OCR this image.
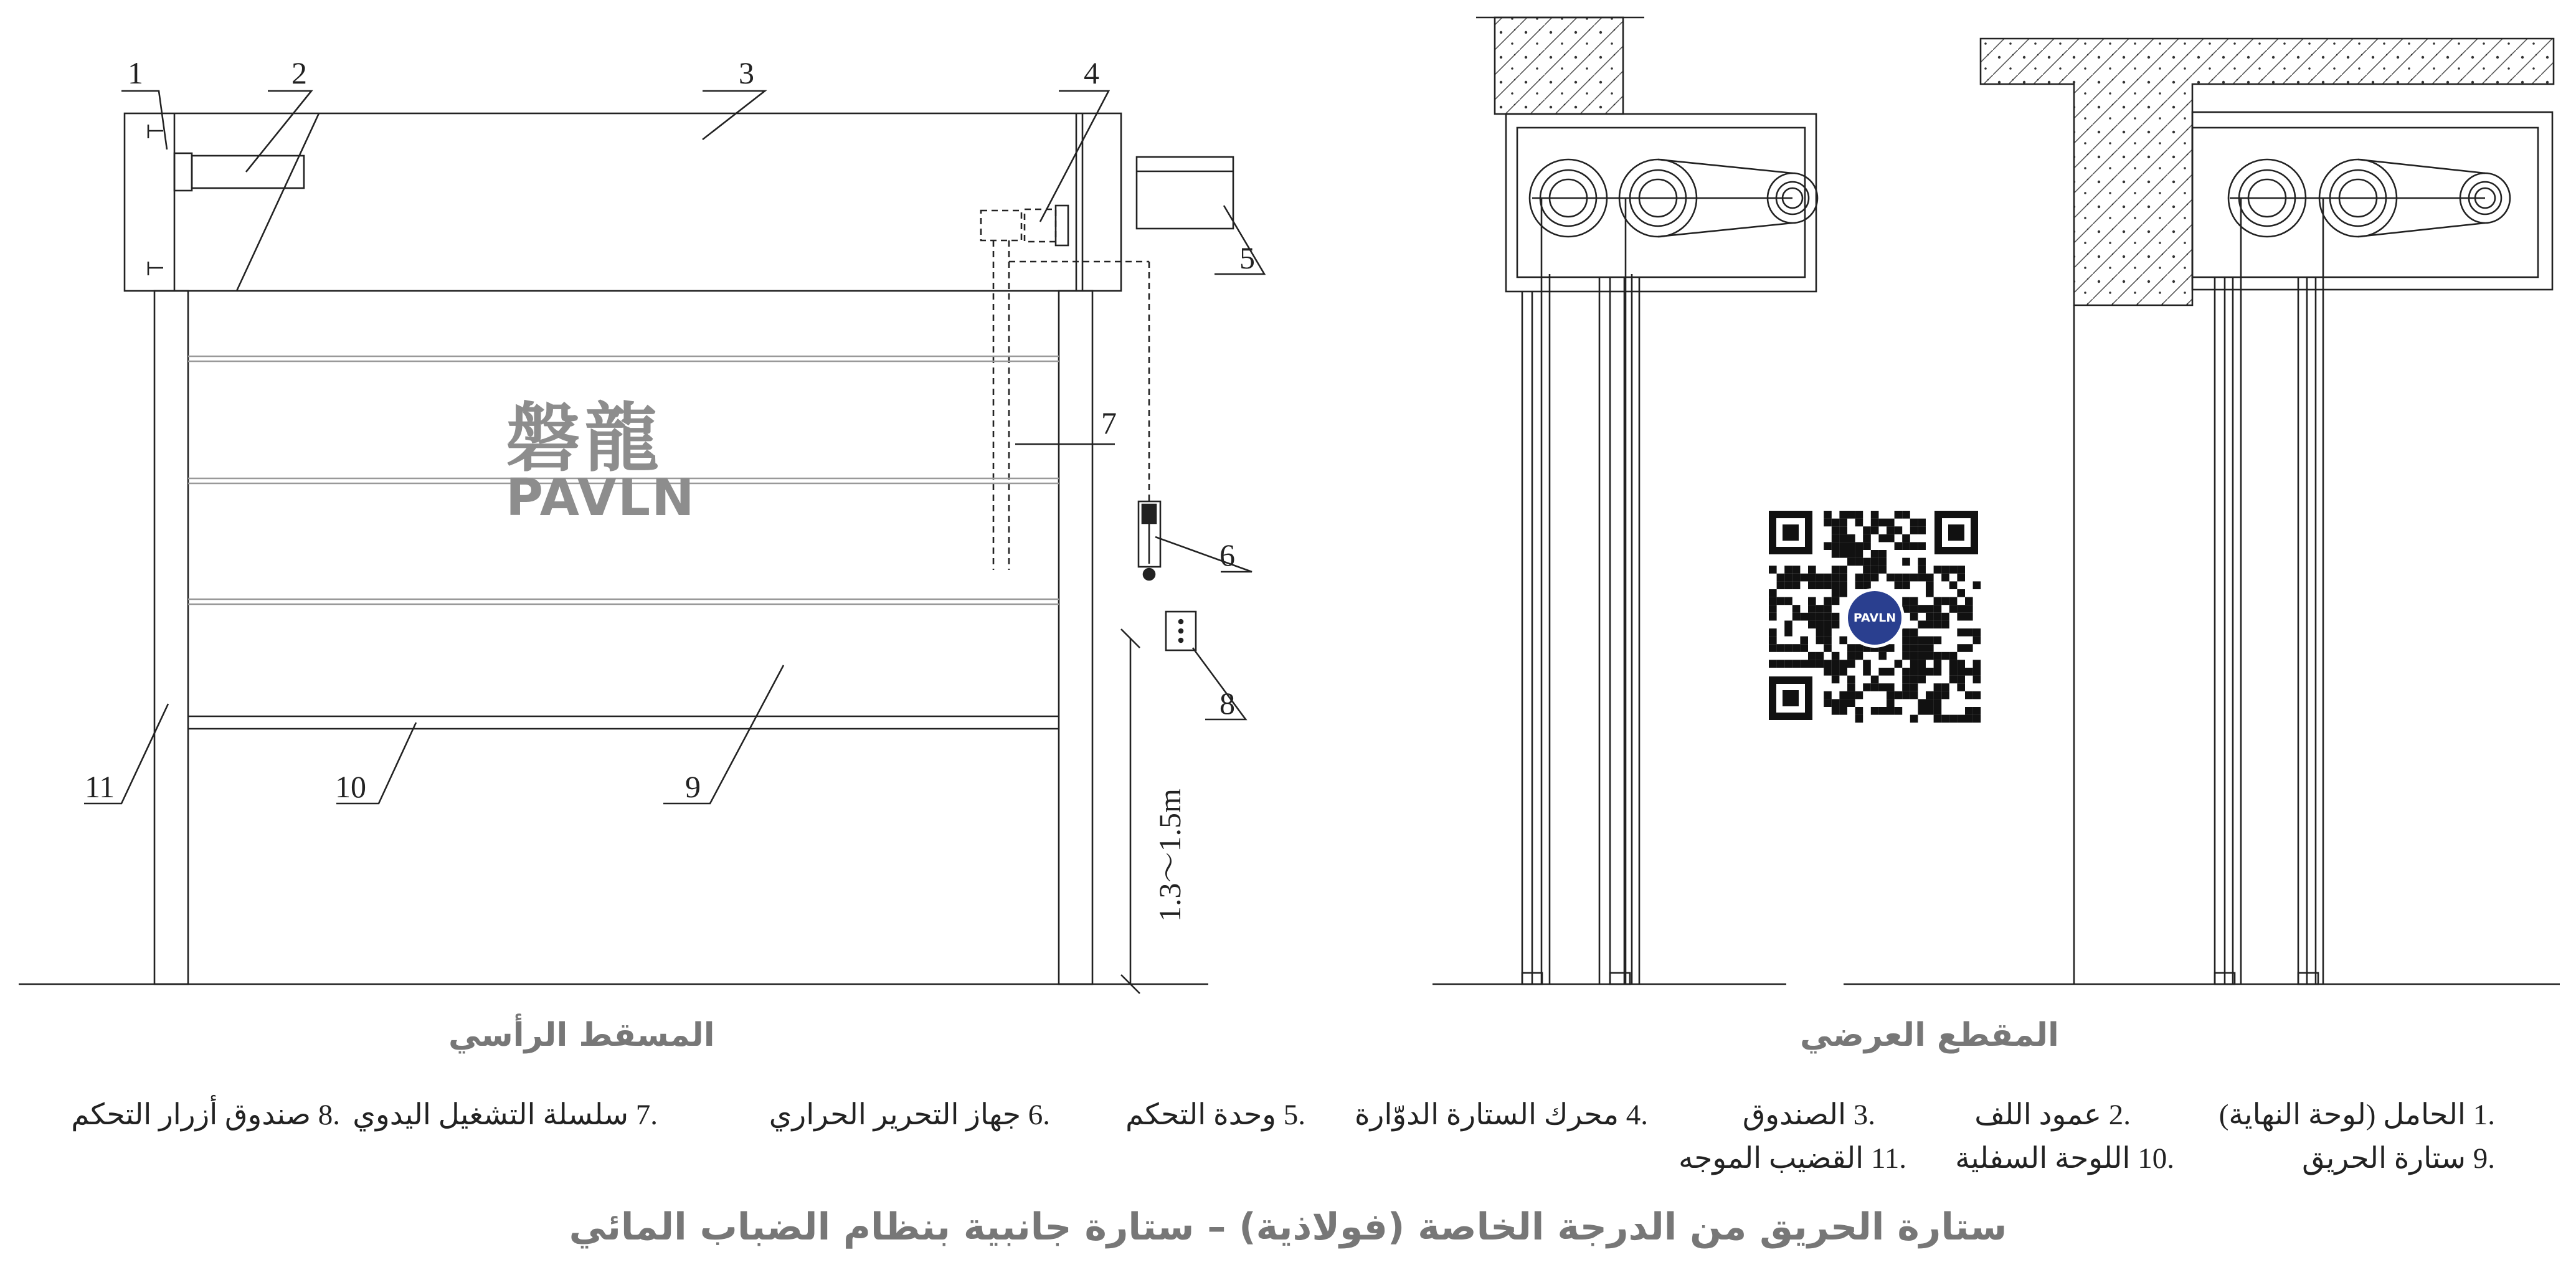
磐龍
PAVLN
1	2	3	4
5
7
6
8
9
10
11
1.3～1.5m
PAVLN
المسقط الرأسي	المقطع العرضي
.1 الحامل (لوحة النهاية)
.2 عمود اللف
.3 الصندوق
.4 محرك الستارة الدوّارة
.5 وحدة التحكم
.6 جهاز التحرير الحراري
.7 سلسلة التشغيل اليدوي
.8 صندوق أزرار التحكم
.9 ستارة الحريق
.10 اللوحة السفلية
.11 القضيب الموجه
ستارة الحريق من الدرجة الخاصة (فولاذية) – ستارة جانبية بنظام الضباب المائي
